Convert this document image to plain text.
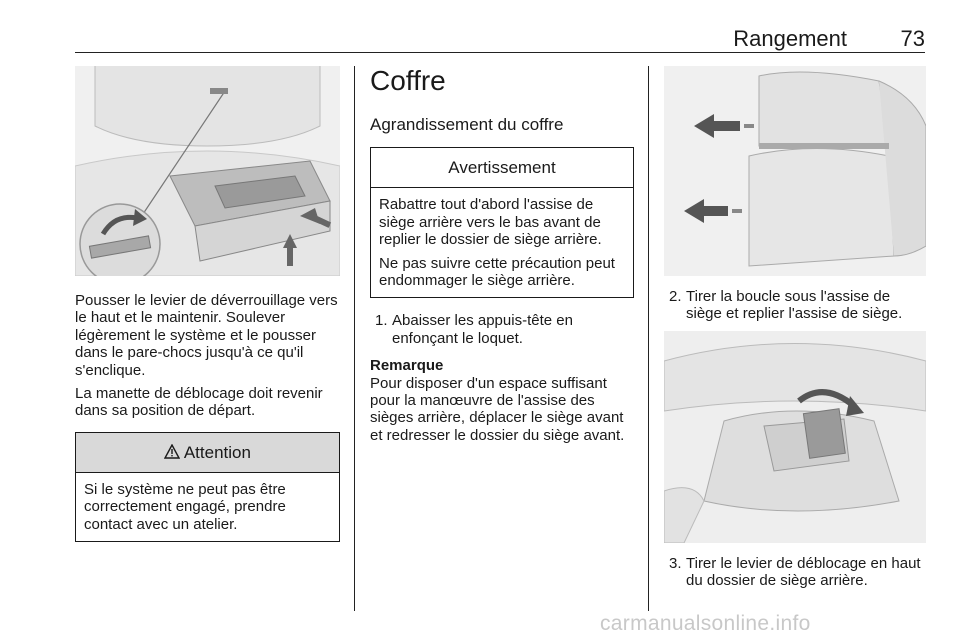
Rangement 73

Pousser le levier de déverrouillage vers le haut et le maintenir. Soulever légèrement le système et le pousser dans le pare-chocs jusqu'à ce qu'il s'enclique.

La manette de déblocage doit revenir dans sa position de départ.

Attention

Si le système ne peut pas être correctement engagé, prendre contact avec un atelier.

Coffre
Agrandissement du coffre
Avertissement

Rabattre tout d'abord l'assise de siège arrière vers le bas avant de replier le dossier de siège arrière.

Ne pas suivre cette précaution peut endommager le siège arrière.

1. Abaisser les appuis-tête en enfonçant le loquet.

Remarque

Pour disposer d'un espace suffisant pour la manœuvre de l'assise des sièges arrière, déplacer le siège avant et redresser le dossier du siège avant.

2. Tirer la boucle sous l'assise de siège et replier l'assise de siège.
3. Tirer le levier de déblocage en haut du dossier de siège arrière.
carmanualsonline.info
